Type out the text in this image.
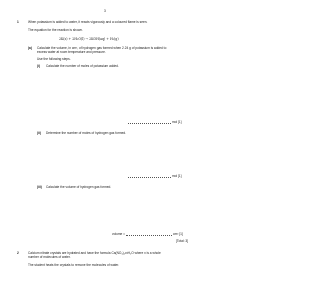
3
1	When potassium is added to water, it reacts vigorously and a coloured flame is seen.
The equation for the reaction is shown.
2K(s) + 2H₂O(l) → 2KOH(aq) + H₂(g)
(a) Calculate the volume, in cm³, of hydrogen gas formed when 2.24 g of potassium is added to
excess water at room temperature and pressure.
Use the following steps.
(i) Calculate the number of moles of potassium added.
mol [1]
(ii) Determine the number of moles of hydrogen gas formed.
mol [1]
(iii) Calculate the volume of hydrogen gas formed.
volume =	cm³ [1]
[Total: 3]
2	Calcium nitrate crystals are hydrated and have the formula Ca(NO₃)₂•xH₂O where x is a whole
number of molecules of water.
The student heats the crystals to remove the molecules of water.
